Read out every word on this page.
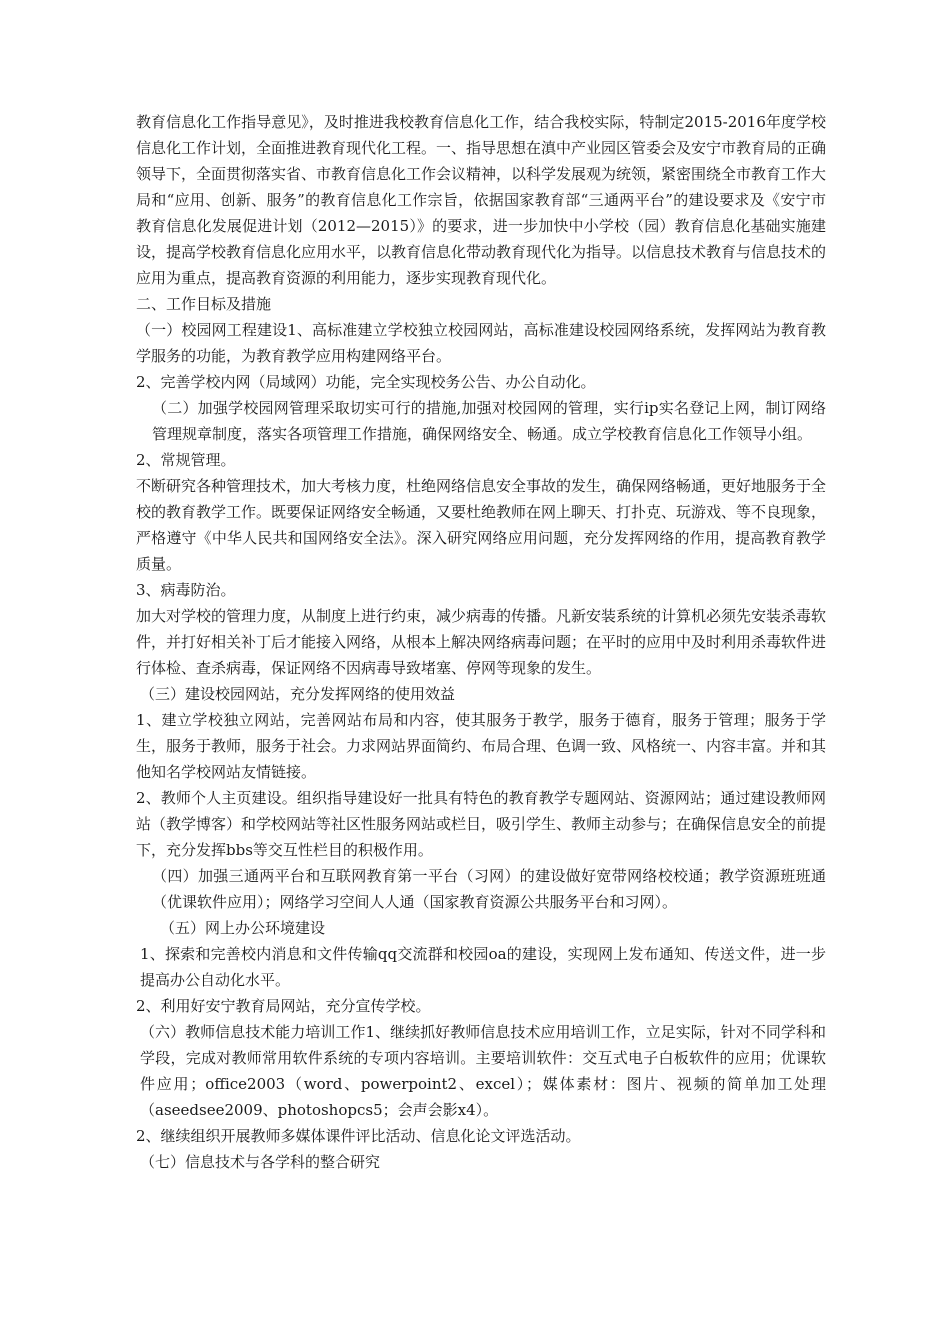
教育信息化工作指导意见》，及时推进我校教育信息化工作，结合我校实际，特制定2015-2016年度学校信息化工作计划，全面推进教育现代化工程。一、指导思想在滇中产业园区管委会及安宁市教育局的正确领导下，全面贯彻落实省、市教育信息化工作会议精神，以科学发展观为统领，紧密围绕全市教育工作大局和“应用、创新、服务”的教育信息化工作宗旨，依据国家教育部“三通两平台”的建设要求及《安宁市教育信息化发展促进计划（2012—2015）》的要求，进一步加快中小学校（园）教育信息化基础实施建设，提高学校教育信息化应用水平，以教育信息化带动教育现代化为指导。以信息技术教育与信息技术的应用为重点，提高教育资源的利用能力，逐步实现教育现代化。

二、工作目标及措施

（一）校园网工程建设1、高标准建立学校独立校园网站，高标准建设校园网络系统，发挥网站为教育教学服务的功能，为教育教学应用构建网络平台。

2、完善学校内网（局域网）功能，完全实现校务公告、办公自动化。

（二）加强学校园网管理采取切实可行的措施,加强对校园网的管理，实行ip实名登记上网，制订网络管理规章制度，落实各项管理工作措施，确保网络安全、畅通。成立学校教育信息化工作领导小组。

2、常规管理。

不断研究各种管理技术，加大考核力度，杜绝网络信息安全事故的发生，确保网络畅通，更好地服务于全校的教育教学工作。既要保证网络安全畅通，又要杜绝教师在网上聊天、打扑克、玩游戏、等不良现象，严格遵守《中华人民共和国网络安全法》。深入研究网络应用问题，充分发挥网络的作用，提高教育教学质量。

3、病毒防治。

加大对学校的管理力度，从制度上进行约束，减少病毒的传播。凡新安装系统的计算机必须先安装杀毒软件，并打好相关补丁后才能接入网络，从根本上解决网络病毒问题；在平时的应用中及时利用杀毒软件进行体检、查杀病毒，保证网络不因病毒导致堵塞、停网等现象的发生。

（三）建设校园网站，充分发挥网络的使用效益

1、建立学校独立网站，完善网站布局和内容，使其服务于教学，服务于德育，服务于管理；服务于学生，服务于教师，服务于社会。力求网站界面简约、布局合理、色调一致、风格统一、内容丰富。并和其他知名学校网站友情链接。

2、教师个人主页建设。组织指导建设好一批具有特色的教育教学专题网站、资源网站；通过建设教师网站（教学博客）和学校网站等社区性服务网站或栏目，吸引学生、教师主动参与；在确保信息安全的前提下，充分发挥bbs等交互性栏目的积极作用。

（四）加强三通两平台和互联网教育第一平台（习网）的建设做好宽带网络校校通；教学资源班班通（优课软件应用）；网络学习空间人人通（国家教育资源公共服务平台和习网）。

（五）网上办公环境建设

1、探索和完善校内消息和文件传输qq交流群和校园oa的建设，实现网上发布通知、传送文件，进一步提高办公自动化水平。

2、利用好安宁教育局网站，充分宣传学校。

（六）教师信息技术能力培训工作1、继续抓好教师信息技术应用培训工作，立足实际，针对不同学科和学段，完成对教师常用软件系统的专项内容培训。主要培训软件：交互式电子白板软件的应用；优课软件应用；office2003（word、powerpoint2、excel）；媒体素材：图片、视频的简单加工处理（aseedsee2009、photoshopcs5；会声会影x4）。

2、继续组织开展教师多媒体课件评比活动、信息化论文评选活动。

（七）信息技术与各学科的整合研究
